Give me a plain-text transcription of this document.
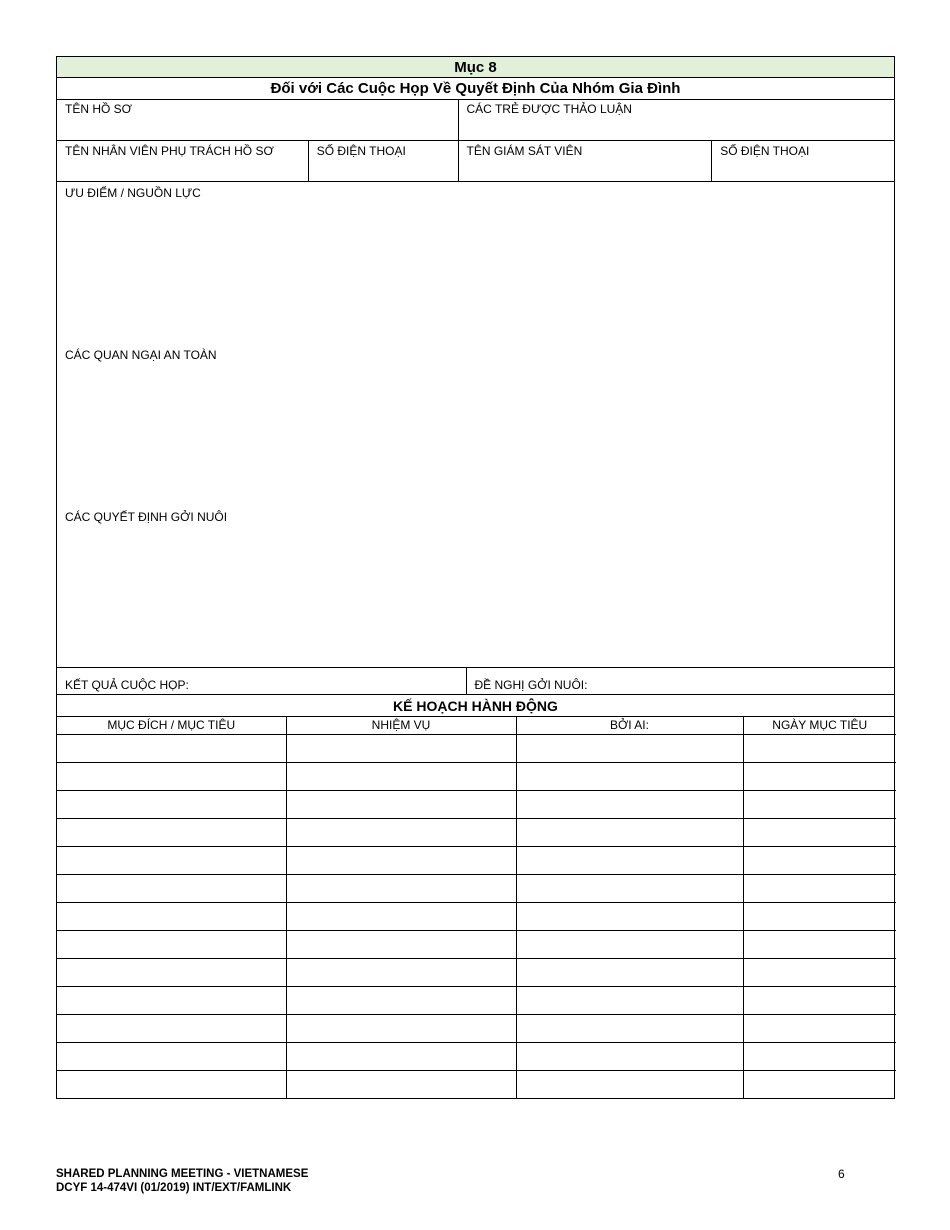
Mục 8
Đối với Các Cuộc Họp Về Quyết Định Của Nhóm Gia Đình
TÊN HỒ SƠ	CÁC TRẺ ĐƯỢC THẢO LUẬN
TÊN NHÂN VIÊN PHỤ TRÁCH HỒ SƠ	SỐ ĐIỆN THOẠI	TÊN GIÁM SÁT VIÊN	SỐ ĐIỆN THOẠI
ƯU ĐIỂM / NGUỒN LỰC
CÁC QUAN NGẠI AN TOÀN
CÁC QUYẾT ĐỊNH GỞI NUÔI
KẾT QUẢ CUỘC HỌP:	ĐỀ NGHỊ GỞI NUÔI:
KẾ HOẠCH HÀNH ĐỘNG
MỤC ĐÍCH / MỤC TIÊU	NHIỆM VỤ	BỞI AI:	NGÀY MỤC TIÊU

SHARED PLANNING MEETING - VIETNAMESE
DCYF 14-474VI (01/2019) INT/EXT/FAMLINK
6
